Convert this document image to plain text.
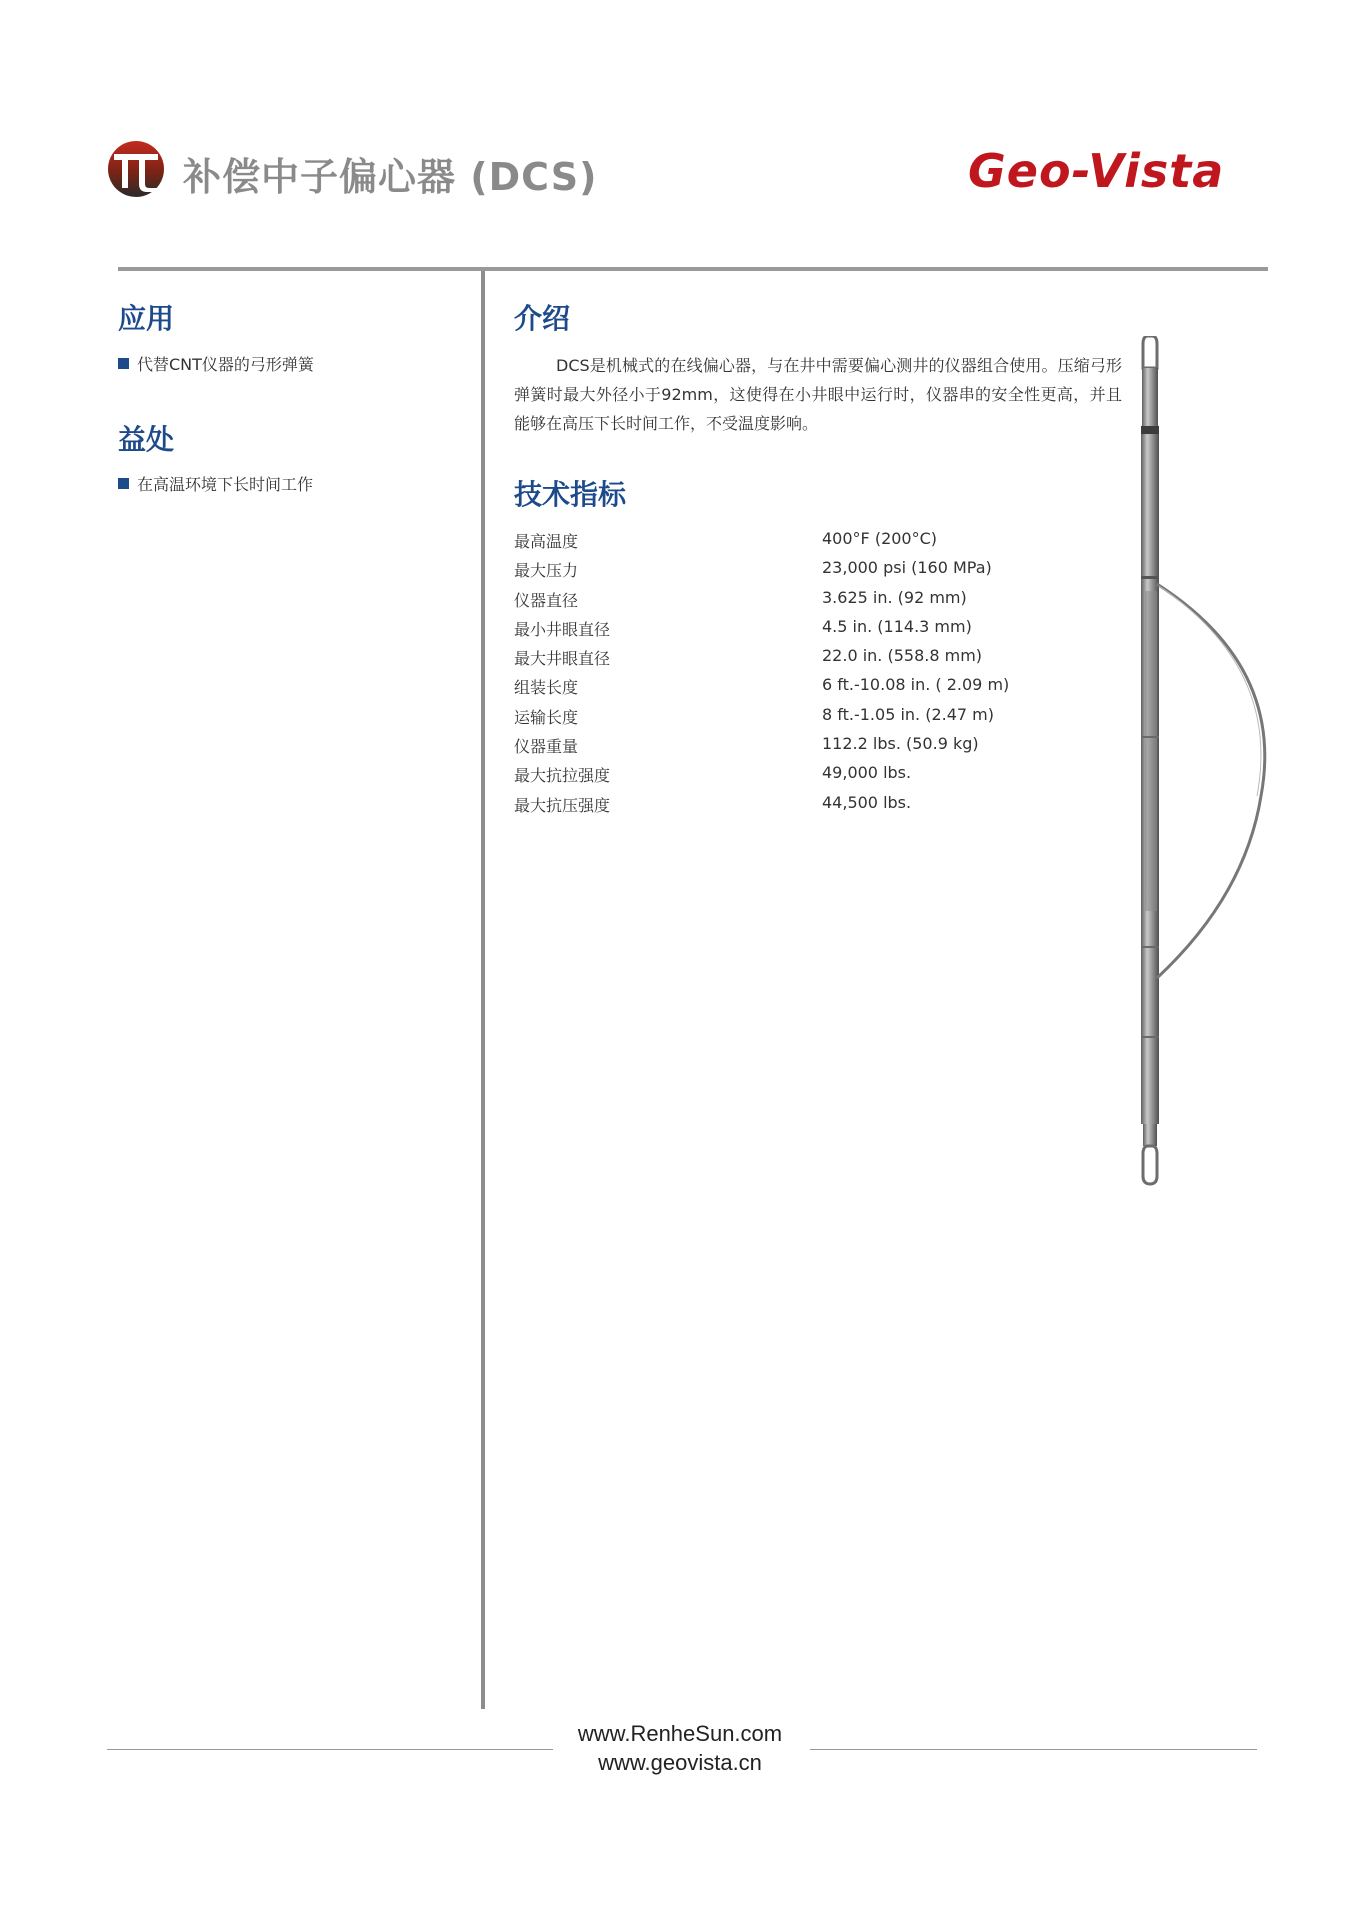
补偿中子偏心器 (DCS)	Geo-Vista
应用
代替CNT仪器的弓形弹簧
益处
在高温环境下长时间工作
介绍
DCS是机械式的在线偏心器，与在井中需要偏心测井的仪器组合使用。压缩弓形弹簧时最大外径小于92mm，这使得在小井眼中运行时，仪器串的安全性更高，并且能够在高压下长时间工作，不受温度影响。
技术指标
最高温度	400°F (200°C)
最大压力	23,000 psi (160 MPa)
仪器直径	3.625 in. (92 mm)
最小井眼直径	4.5 in. (114.3 mm)
最大井眼直径	22.0 in. (558.8 mm)
组装长度	6 ft.-10.08 in. ( 2.09 m)
运输长度	8 ft.-1.05 in. (2.47 m)
仪器重量	112.2 lbs. (50.9 kg)
最大抗拉强度	49,000 lbs.
最大抗压强度	44,500 lbs.
www.RenheSun.com
www.geovista.cn
